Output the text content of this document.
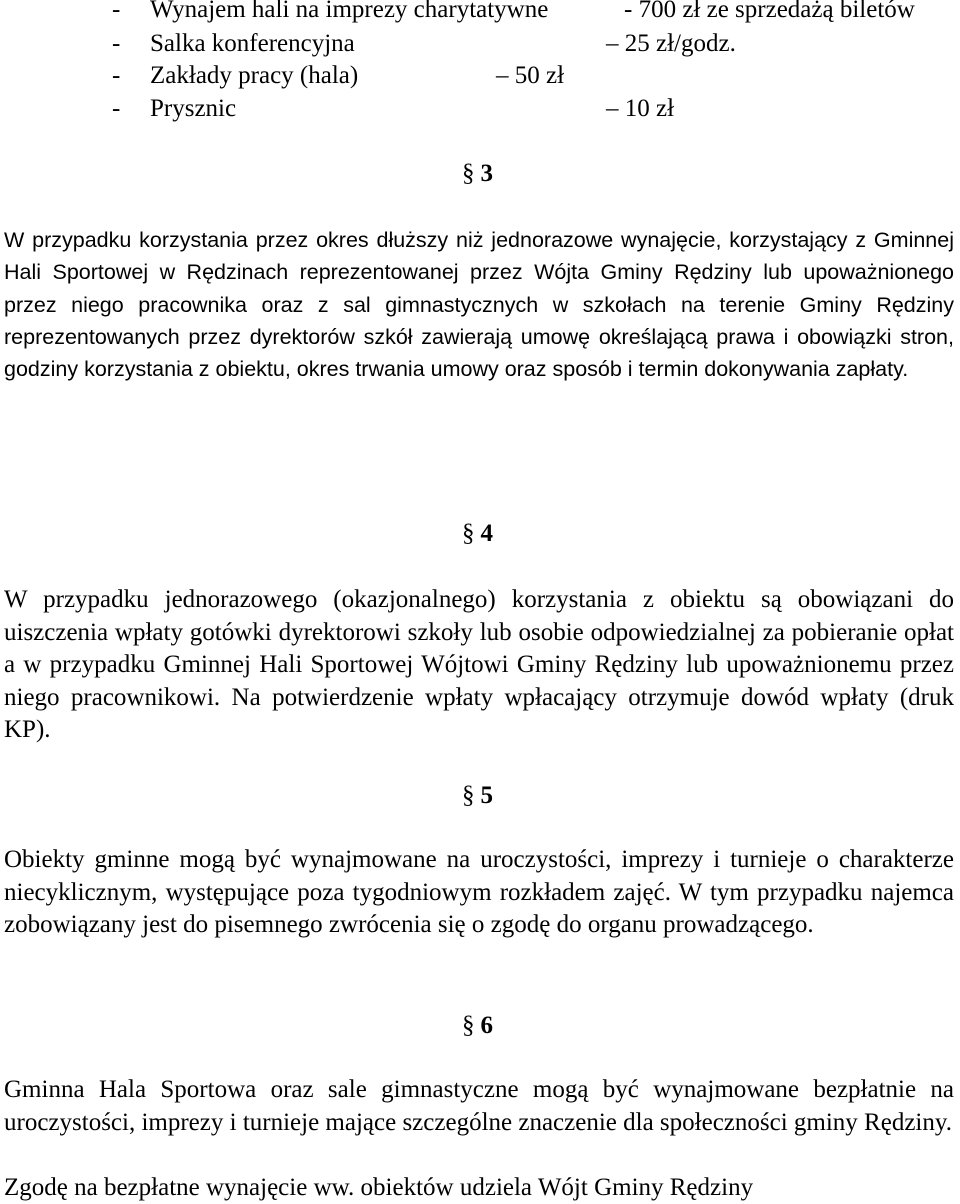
- Wynajem hali na imprezy charytatywne	- 700 zł ze sprzedażą biletów
- Salka konferencyjna	– 25 zł/godz.
- Zakłady pracy (hala)	– 50 zł
- Prysznic	– 10 zł
§ 3

W przypadku korzystania przez okres dłuższy niż jednorazowe wynajęcie, korzystający z Gminnej Hali Sportowej w Rędzinach reprezentowanej przez Wójta Gminy Rędziny lub upoważnionego przez niego pracownika oraz z sal gimnastycznych w szkołach na terenie Gminy Rędziny reprezentowanych przez dyrektorów szkół zawierają umowę określającą prawa i obowiązki stron, godziny korzystania z obiektu, okres trwania umowy oraz sposób i termin dokonywania zapłaty.

§ 4

W przypadku jednorazowego (okazjonalnego) korzystania z obiektu są obowiązani do uiszczenia wpłaty gotówki dyrektorowi szkoły lub osobie odpowiedzialnej za pobieranie opłat a w przypadku Gminnej Hali Sportowej Wójtowi Gminy Rędziny lub upoważnionemu przez niego pracownikowi. Na potwierdzenie wpłaty wpłacający otrzymuje dowód wpłaty (druk KP).

§ 5

Obiekty gminne mogą być wynajmowane na uroczystości, imprezy i turnieje o charakterze niecyklicznym, występujące poza tygodniowym rozkładem zajęć. W tym przypadku najemca zobowiązany jest do pisemnego zwrócenia się o zgodę do organu prowadzącego.

§ 6

Gminna Hala Sportowa oraz sale gimnastyczne mogą być wynajmowane bezpłatnie na uroczystości, imprezy i turnieje mające szczególne znaczenie dla społeczności gminy Rędziny.

Zgodę na bezpłatne wynajęcie ww. obiektów udziela Wójt Gminy Rędziny
